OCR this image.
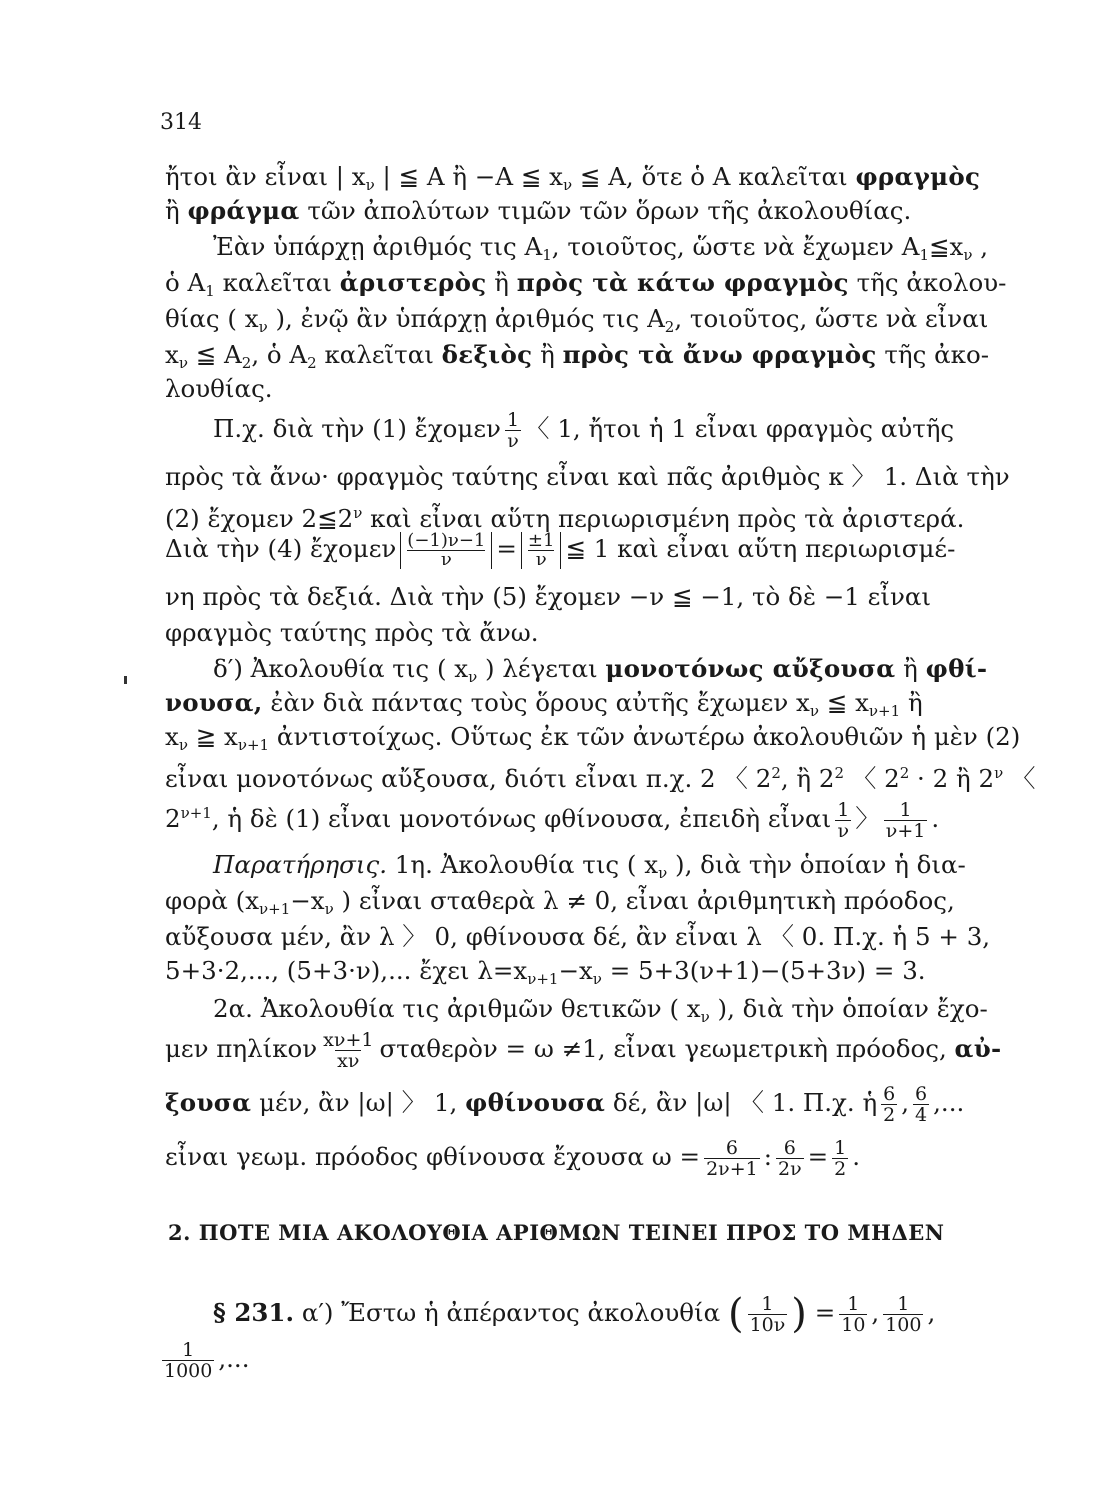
314
ἤτοι ἂν εἶναι | $x_\nu$ | ≦ A ἢ −A ≦ $x_\nu$ ≦ A, ὅτε ὁ A καλεῖται φραγμὸς
ἢ φράγμα τῶν ἀπολύτων τιμῶν τῶν ὅρων τῆς ἀκολουθίας.
Ἐὰν ὑπάρχῃ ἀριθμός τις $A_1$, τοιοῦτος, ὥστε νὰ ἔχωμεν $A_1≦x_\nu$ ,
ὁ $A_1$ καλεῖται ἀριστερὸς ἢ πρὸς τὰ κάτω φραγμὸς τῆς ἀκολου-
θίας ( $x_\nu$ ), ἐνῷ ἂν ὑπάρχῃ ἀριθμός τις $A_2$, τοιοῦτος, ὥστε νὰ εἶναι
$x_\nu$ ≦ $A_2$, ὁ $A_2$ καλεῖται δεξιὸς ἢ πρὸς τὰ ἄνω φραγμὸς τῆς ἀκο-
λουθίας.
Π.χ. διὰ τὴν (1) ἔχομεν $\frac{1}{\nu}$ 〈 1, ἤτοι ἡ 1 εἶναι φραγμὸς αὐτῆς
πρὸς τὰ ἄνω· φραγμὸς ταύτης εἶναι καὶ πᾶς ἀριθμὸς κ 〉 1. Διὰ τὴν
(2) ἔχομεν $2≦2^\nu$ καὶ εἶναι αὕτη περιωρισμένη πρὸς τὰ ἀριστερά.
Διὰ τὴν (4) ἔχομεν $\frac{(-1)\nu-1}{\nu} = \frac{\pm 1}{\nu}$ ≦ 1 καὶ εἶναι αὕτη περιωρισμέ-
νη πρὸς τὰ δεξιά. Διὰ τὴν (5) ἔχομεν −ν ≦ −1, τὸ δὲ −1 εἶναι
φραγμὸς ταύτης πρὸς τὰ ἄνω.
δ′) Ἀκολουθία τις ( $x_\nu$ ) λέγεται μονοτόνως αὔξουσα ἢ φθί-
νουσα, ἐὰν διὰ πάντας τοὺς ὅρους αὐτῆς ἔχωμεν $x_\nu$ ≦ $x_{\nu+1}$ ἢ
$x_\nu$ ≧ $x_{\nu+1}$ ἀντιστοίχως. Οὕτως ἐκ τῶν ἀνωτέρω ἀκολουθιῶν ἡ μὲν (2)
εἶναι μονοτόνως αὔξουσα, διότι εἶναι π.χ. 2 〈 $2^2$, ἢ $2^2$ 〈 $2^2 \cdot 2$ ἢ $2^\nu$ 〈
$2^{\nu+1}$, ἡ δὲ (1) εἶναι μονοτόνως φθίνουσα, ἐπειδὴ εἶναι $\frac{1}{\nu}$ 〉 $\frac{1}{\nu+1}$ .
Παρατήρησις. 1η. Ἀκολουθία τις ( $x_\nu$ ), διὰ τὴν ὁποίαν ἡ δια-
φορὰ ($x_{\nu+1}-x_\nu$ ) εἶναι σταθερὰ λ ≠ 0, εἶναι ἀριθμητικὴ πρόοδος,
αὔξουσα μέν, ἂν λ 〉 0, φθίνουσα δέ, ἂν εἶναι λ 〈 0. Π.χ. ἡ 5 + 3,
5+3·2,..., (5+3·ν),... ἔχει $\lambda=x_{\nu+1}-x_\nu = 5+3(\nu+1)-(5+3\nu) = 3$.
2α. Ἀκολουθία τις ἀριθμῶν θετικῶν ( $x_\nu$ ), διὰ τὴν ὁποίαν ἔχο-
μεν πηλίκον $\frac{x\nu+1}{x\nu}$ σταθερὸν = ω ≠1, εἶναι γεωμετρικὴ πρόοδος, αὐ-
ξουσα μέν, ἂν |ω| 〉 1, φθίνουσα δέ, ἂν |ω| 〈 1. Π.χ. ἡ $\frac{6}{2}$ , $\frac{6}{4}$ ,...
εἶναι γεωμ. πρόοδος φθίνουσα ἔχουσα $\omega = \frac{6}{2\nu+1}$ : $\frac{6}{2\nu} = \frac{1}{2}$ .
2. ΠΟΤΕ ΜΙΑ ΑΚΟΛΟΥΘΙΑ ΑΡΙΘΜΩΝ ΤΕΙΝΕΙ ΠΡΟΣ ΤΟ ΜΗΔΕΝ
§ 231. α′) Ἔστω ἡ ἀπέραντος ἀκολουθία ( $\frac{1}{10\nu}$ ) = $\frac{1}{10}$ , $\frac{1}{100}$ ,
$\frac{1}{1000}$ ,...
